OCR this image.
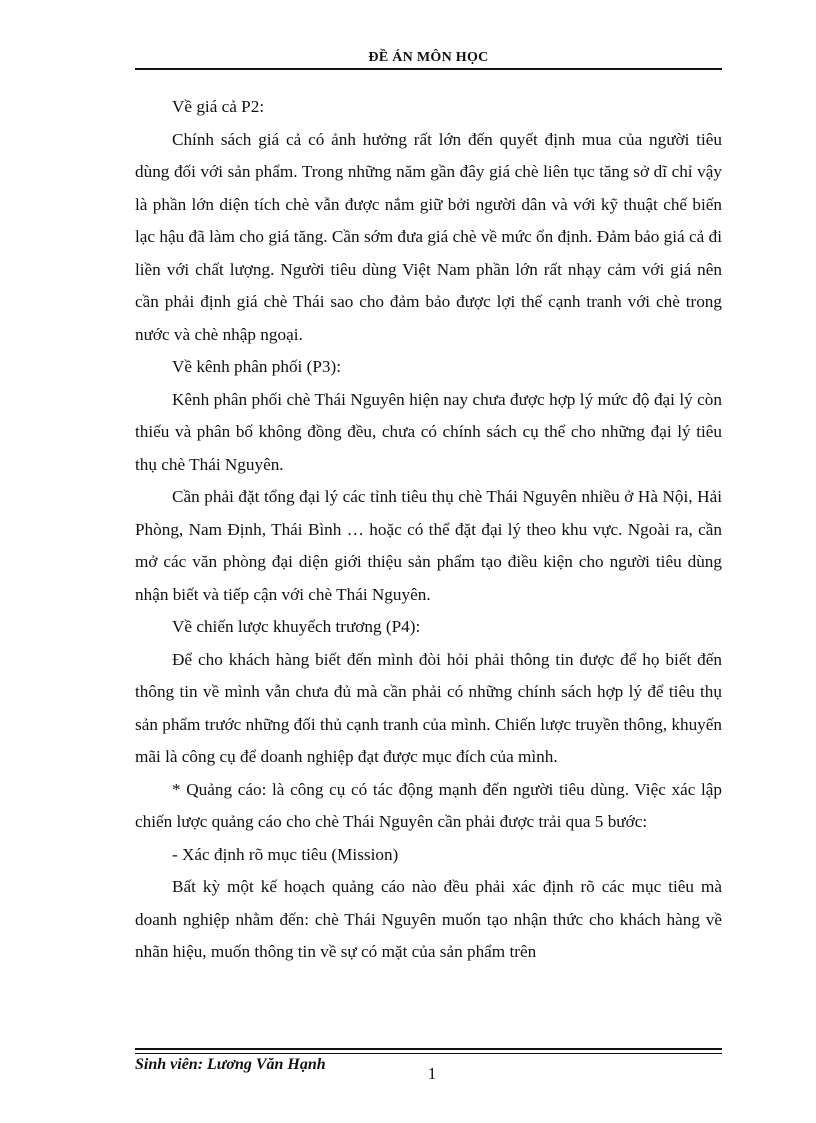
ĐỀ ÁN MÔN HỌC

Về giá cả P2:

Chính sách giá cả có ảnh hưởng rất lớn đến quyết định mua của người tiêu dùng đối với sản phẩm. Trong những năm gần đây giá chè liên tục tăng sở dĩ chỉ vậy là phần lớn diện tích chè vẫn được nắm giữ bởi người dân và với kỹ thuật chế biến lạc hậu đã làm cho giá tăng. Cần sớm đưa giá chè về mức ổn định. Đảm bảo giá cả đi liền với chất lượng. Người tiêu dùng Việt Nam phần lớn rất nhạy cảm với giá nên cần phải định giá chè Thái sao cho đảm bảo được lợi thế cạnh tranh với chè trong nước và chè nhập ngoại.

Về kênh phân phối (P3):

Kênh phân phối chè Thái Nguyên hiện nay chưa được hợp lý mức độ đại lý còn thiếu và phân bố không đồng đều, chưa có chính sách cụ thể cho những đại lý tiêu thụ chè Thái Nguyên.

Cần phải đặt tổng đại lý các tỉnh tiêu thụ chè Thái Nguyên nhiều ở Hà Nội, Hải Phòng, Nam Định, Thái Bình … hoặc có thể đặt đại lý theo khu vực. Ngoài ra, cần mở các văn phòng đại diện giới thiệu sản phẩm tạo điều kiện cho người tiêu dùng nhận biết và tiếp cận với chè Thái Nguyên.

Về chiến lược khuyếch trương (P4):

Để cho khách hàng biết đến mình đòi hỏi phải thông tin được để họ biết đến thông tin về mình vẫn chưa đủ mà cần phải có những chính sách hợp lý để tiêu thụ sản phẩm trước những đối thủ cạnh tranh của mình. Chiến lược truyền thông, khuyến mãi là công cụ để doanh nghiệp đạt được mục đích của mình.

* Quảng cáo: là công cụ có tác động mạnh đến người tiêu dùng. Việc xác lập chiến lược quảng cáo cho chè Thái Nguyên cần phải được trải qua 5 bước:

- Xác định rõ mục tiêu (Mission)

Bất kỳ một kế hoạch quảng cáo nào đều phải xác định rõ các mục tiêu mà doanh nghiệp nhằm đến: chè Thái Nguyên muốn tạo nhận thức cho khách hàng về nhãn hiệu, muốn thông tin về sự có mặt của sản phẩm trên

Sinh viên: Lương Văn Hạnh	1
